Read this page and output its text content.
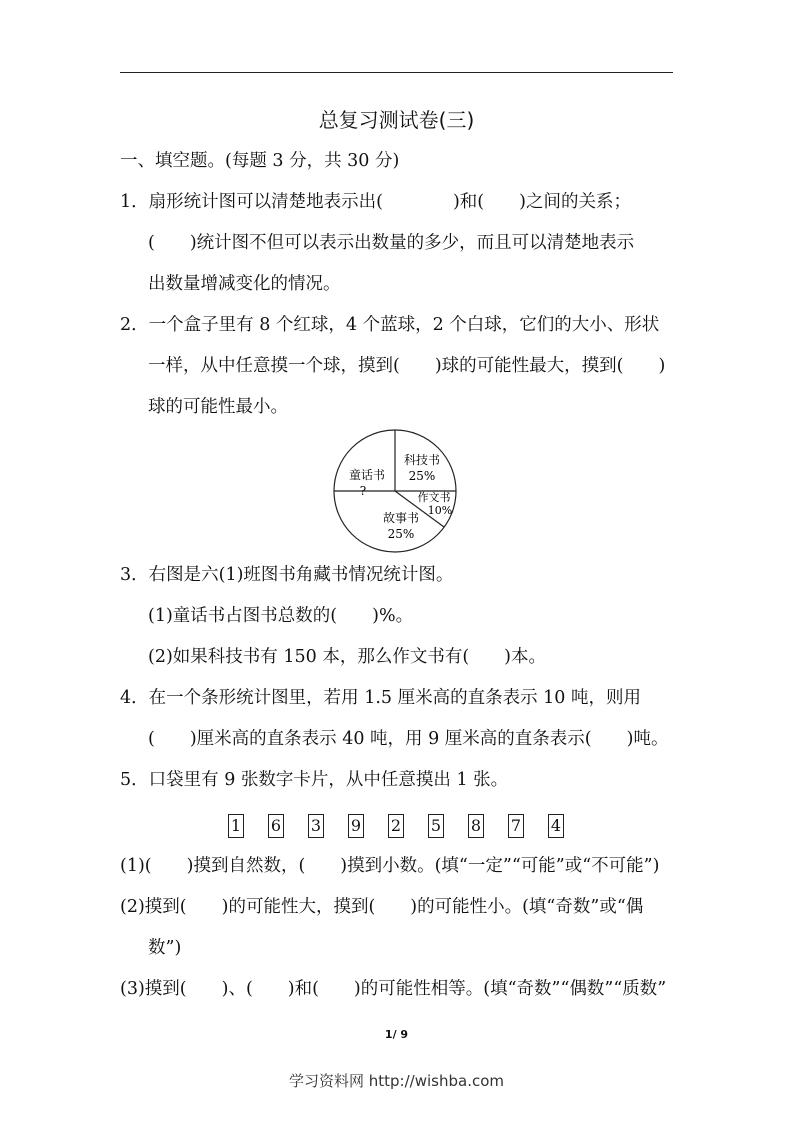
总复习测试卷(三)
一、填空题。(每题 3 分，共 30 分)
1．扇形统计图可以清楚地表示出(　　　　)和(　　)之间的关系；
(　　)统计图不但可以表示出数量的多少，而且可以清楚地表示
出数量增减变化的情况。
2．一个盒子里有 8 个红球，4 个蓝球，2 个白球，它们的大小、形状
一样，从中任意摸一个球，摸到(　　)球的可能性最大，摸到(　　)
球的可能性最小。
童话书
?
科技书
25%
作文书
10%
故事书
25%
3．右图是六(1)班图书角藏书情况统计图。
(1)童话书占图书总数的(　　)%。
(2)如果科技书有 150 本，那么作文书有(　　)本。
4．在一个条形统计图里，若用 1.5 厘米高的直条表示 10 吨，则用
(　　)厘米高的直条表示 40 吨，用 9 厘米高的直条表示(　　)吨。
5．口袋里有 9 张数字卡片，从中任意摸出 1 张。
1 6 3 9 2 5 8 7 4
(1)(　　)摸到自然数，(　　)摸到小数。(填“一定”“可能”或“不可能”)
(2)摸到(　　)的可能性大，摸到(　　)的可能性小。(填“奇数”或“偶
数”)
(3)摸到(　　)、(　　)和(　　)的可能性相等。(填“奇数”“偶数”“质数”
1/ 9
学习资料网 http://wishba.com
